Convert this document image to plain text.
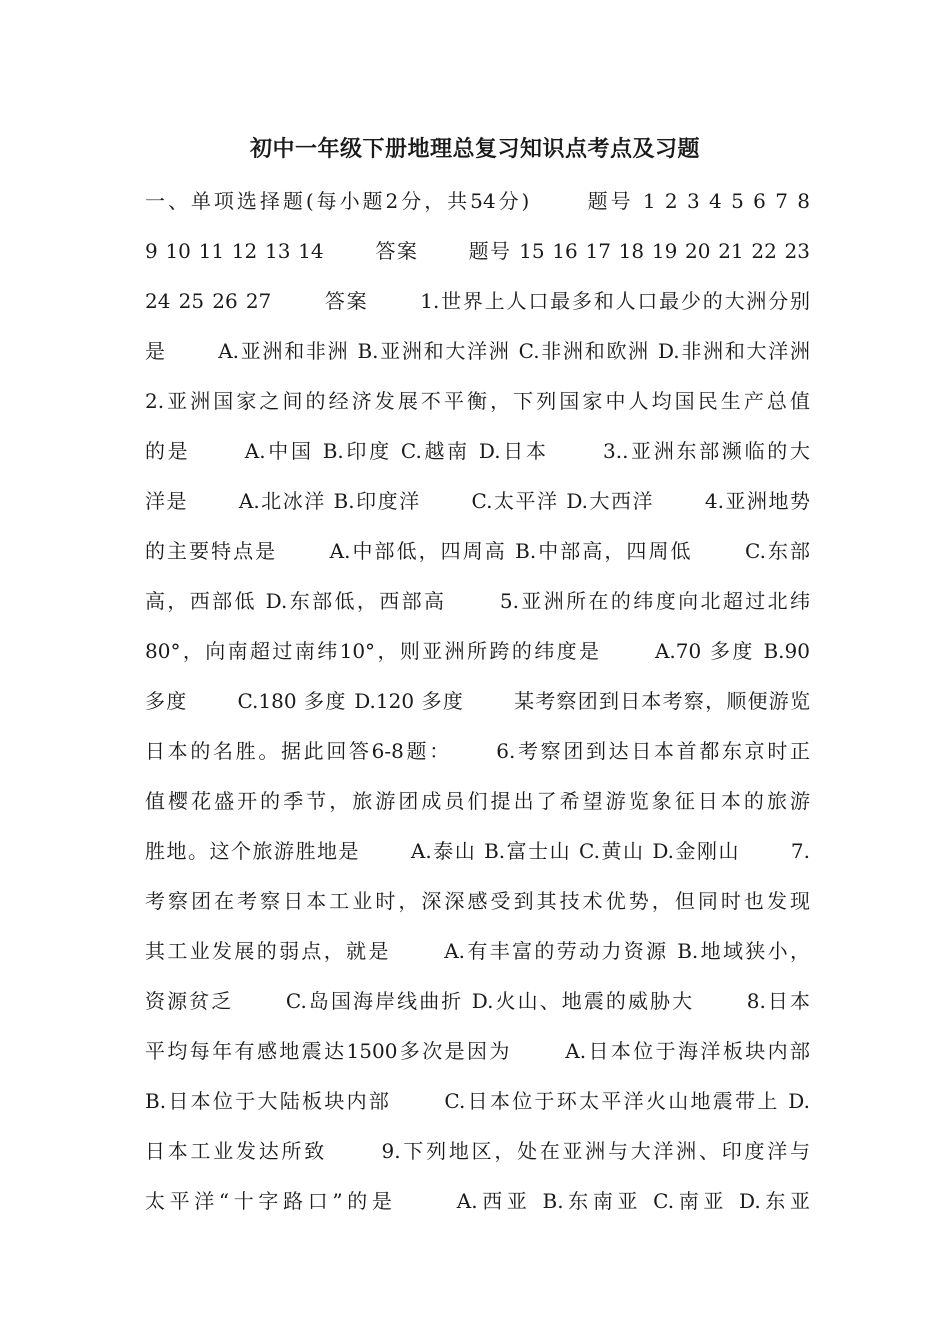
初中一年级下册地理总复习知识点考点及习题
一、单项选择题(每小题2分，共54分)　　 题号 1 2 3 4 5 6 7 8
9 10 11 12 13 14　　 答案　　 题号 15 16 17 18 19 20 21 22 23
24 25 26 27　　 答案　　 1.世界上人口最多和人口最少的大洲分别
是　　 A.亚洲和非洲 B.亚洲和大洋洲 C.非洲和欧洲 D.非洲和大洋洲
2.亚洲国家之间的经济发展不平衡，下列国家中人均国民生产总值
的是　　 A.中国 B.印度 C.越南 D.日本　　 3..亚洲东部濒临的大
洋是　　 A.北冰洋 B.印度洋　　 C.太平洋 D.大西洋　　 4.亚洲地势
的主要特点是　　 A.中部低，四周高 B.中部高，四周低　　 C.东部
高，西部低 D.东部低，西部高　　 5.亚洲所在的纬度向北超过北纬
80°，向南超过南纬10°，则亚洲所跨的纬度是　　 A.70 多度 B.90
多度　　 C.180 多度 D.120 多度　　 某考察团到日本考察，顺便游览
日本的名胜。据此回答6-8题：　　 6.考察团到达日本首都东京时正
值樱花盛开的季节，旅游团成员们提出了希望游览象征日本的旅游
胜地。这个旅游胜地是　　 A.泰山 B.富士山 C.黄山 D.金刚山　　 7.
考察团在考察日本工业时，深深感受到其技术优势，但同时也发现
其工业发展的弱点，就是　　 A.有丰富的劳动力资源 B.地域狭小，
资源贫乏　　 C.岛国海岸线曲折 D.火山、地震的威胁大　　 8.日本
平均每年有感地震达1500多次是因为　　 A.日本位于海洋板块内部
B.日本位于大陆板块内部　　 C.日本位于环太平洋火山地震带上 D.
日本工业发达所致　　 9.下列地区，处在亚洲与大洋洲、印度洋与
太平洋“十字路口”的是　　 A.西亚 B.东南亚 C.南亚 D.东亚
